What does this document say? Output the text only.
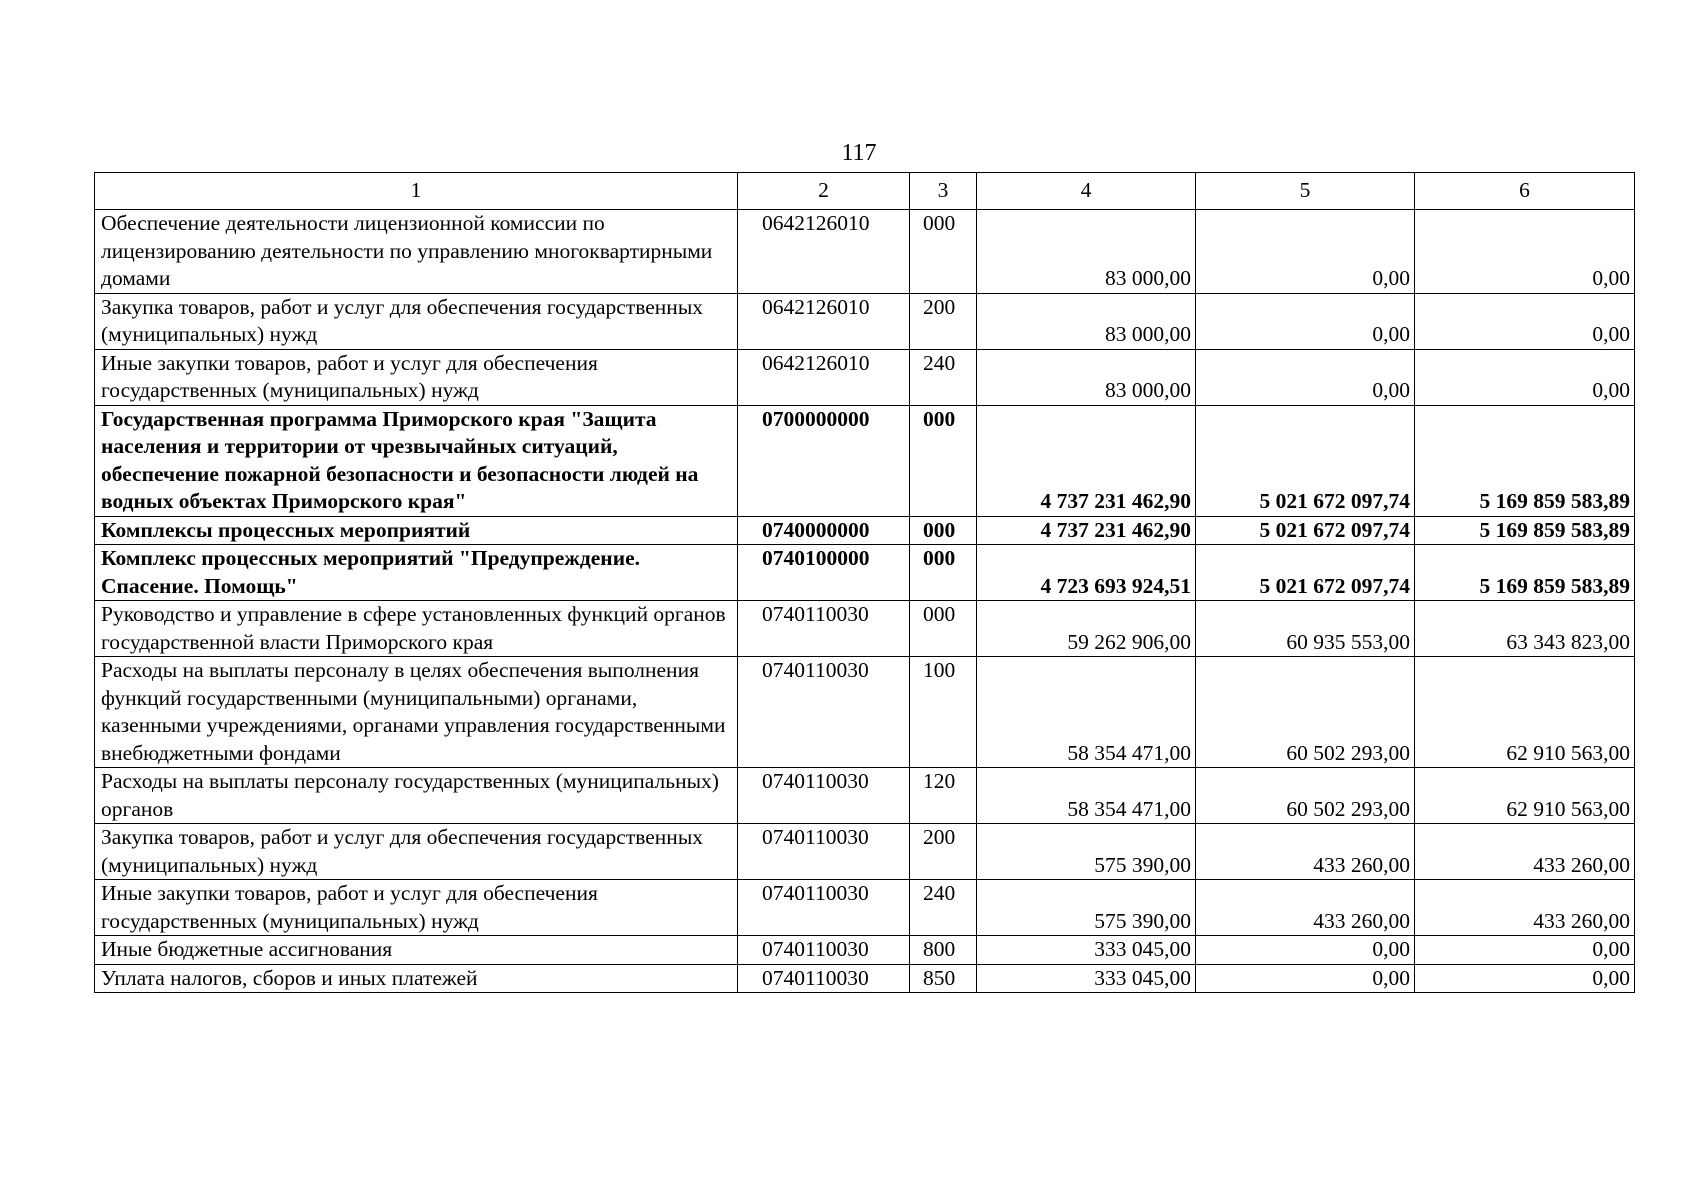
117
1	2	3	4	5	6
Обеспечение деятельности лицензионной комиссии по лицензированию деятельности по управлению многоквартирными домами	0642126010	000	83 000,00	0,00	0,00
Закупка товаров, работ и услуг для обеспечения государственных (муниципальных) нужд	0642126010	200	83 000,00	0,00	0,00
Иные закупки товаров, работ и услуг для обеспечения государственных (муниципальных) нужд	0642126010	240	83 000,00	0,00	0,00
Государственная программа Приморского края "Защита населения и территории от чрезвычайных ситуаций, обеспечение пожарной безопасности и безопасности людей на водных объектах Приморского края"	0700000000	000	4 737 231 462,90	5 021 672 097,74	5 169 859 583,89
Комплексы процессных мероприятий	0740000000	000	4 737 231 462,90	5 021 672 097,74	5 169 859 583,89
Комплекс процессных мероприятий "Предупреждение. Спасение. Помощь"	0740100000	000	4 723 693 924,51	5 021 672 097,74	5 169 859 583,89
Руководство и управление в сфере установленных функций органов государственной власти Приморского края	0740110030	000	59 262 906,00	60 935 553,00	63 343 823,00
Расходы на выплаты персоналу в целях обеспечения выполнения функций государственными (муниципальными) органами, казенными учреждениями, органами управления государственными внебюджетными фондами	0740110030	100	58 354 471,00	60 502 293,00	62 910 563,00
Расходы на выплаты персоналу государственных (муниципальных) органов	0740110030	120	58 354 471,00	60 502 293,00	62 910 563,00
Закупка товаров, работ и услуг для обеспечения государственных (муниципальных) нужд	0740110030	200	575 390,00	433 260,00	433 260,00
Иные закупки товаров, работ и услуг для обеспечения государственных (муниципальных) нужд	0740110030	240	575 390,00	433 260,00	433 260,00
Иные бюджетные ассигнования	0740110030	800	333 045,00	0,00	0,00
Уплата налогов, сборов и иных платежей	0740110030	850	333 045,00	0,00	0,00
